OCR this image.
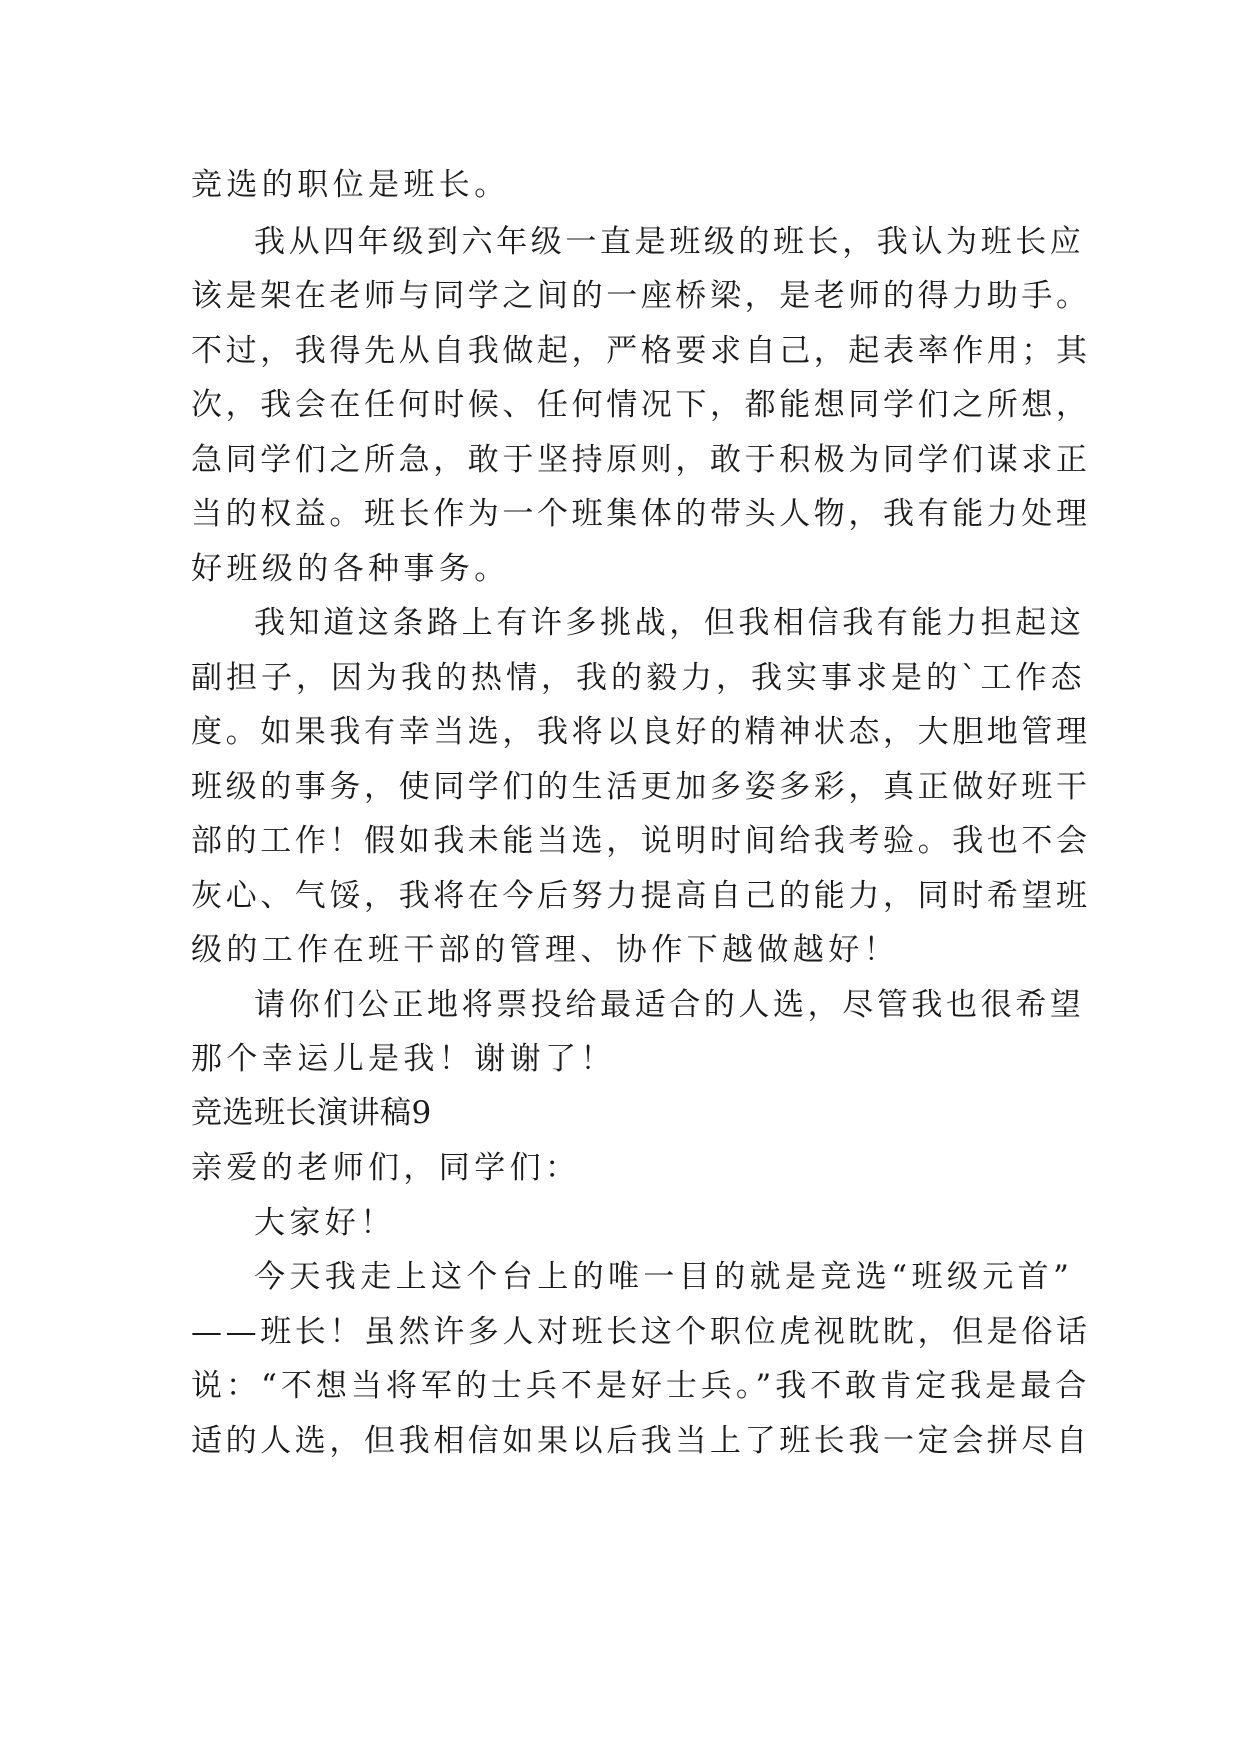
竞选的职位是班长。
我从四年级到六年级一直是班级的班长，我认为班长应
该是架在老师与同学之间的一座桥梁，是老师的得力助手。
不过，我得先从自我做起，严格要求自己，起表率作用；其
次，我会在任何时候、任何情况下，都能想同学们之所想，
急同学们之所急，敢于坚持原则，敢于积极为同学们谋求正
当的权益。班长作为一个班集体的带头人物，我有能力处理
好班级的各种事务。
我知道这条路上有许多挑战，但我相信我有能力担起这
副担子，因为我的热情，我的毅力，我实事求是的`工作态
度。如果我有幸当选，我将以良好的精神状态，大胆地管理
班级的事务，使同学们的生活更加多姿多彩，真正做好班干
部的工作！假如我未能当选，说明时间给我考验。我也不会
灰心、气馁，我将在今后努力提高自己的能力，同时希望班
级的工作在班干部的管理、协作下越做越好！
请你们公正地将票投给最适合的人选，尽管我也很希望
那个幸运儿是我！谢谢了！
竞选班长演讲稿9
亲爱的老师们，同学们：
大家好！
今天我走上这个台上的唯一目的就是竞选“班级元首”
——班长！虽然许多人对班长这个职位虎视眈眈，但是俗话
说：“不想当将军的士兵不是好士兵。”我不敢肯定我是最合
适的人选，但我相信如果以后我当上了班长我一定会拼尽自
